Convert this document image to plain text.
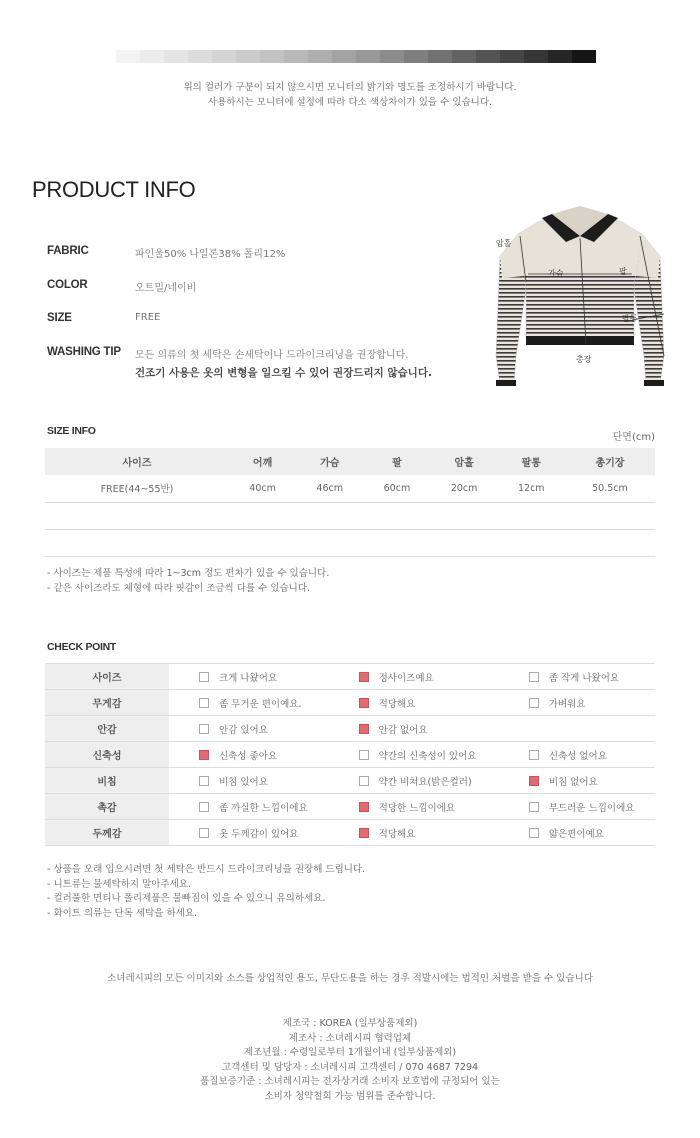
위의 컬러가 구분이 되지 않으시면 모니터의 밝기와 명도를 조정하시기 바랍니다.
사용하시는 모니터에 설정에 따라 다소 색상차이가 있을 수 있습니다.
PRODUCT INFO
FABRIC	파인울50% 나일론38% 폴리12%
COLOR	오트밀/네이비
SIZE	FREE
WASHING TIP	모든 의류의 첫 세탁은 손세탁이나 드라이크리닝을 권장합니다.
건조기 사용은 옷의 변형을 일으킬 수 있어 권장드리지 않습니다.
암홀
가슴	팔
팔통
총장
SIZE INFO
단면(cm)
사이즈	어깨	가슴	팔	암홀	팔통	총기장
FREE(44~55반)	40cm	46cm	60cm	20cm	12cm	50.5cm
- 사이즈는 제품 특성에 따라 1~3cm 정도 편차가 있을 수 있습니다.
- 같은 사이즈라도 체형에 따라 핏감이 조금씩 다를 수 있습니다.
CHECK POINT
사이즈	크게 나왔어요	정사이즈예요	좀 작게 나왔어요
무게감	좀 무거운 편이예요.	적당해요	가벼워요
안감	안감 있어요	안감 없어요	
신축성	신축성 좋아요	약간의 신축성이 있어요	신축성 없어요
비침	비침 있어요	약간 비쳐요(밝은컬러)	비침 없어요
촉감	좀 까실한 느낌이에요	적당한 느낌이에요	부드러운 느낌이에요
두께감	옷 두께감이 있어요	적당해요	얇은편이예요
- 상품을 오래 입으시려면 첫 세탁은 반드시 드라이크리닝을 권장해 드립니다.
- 니트류는 물세탁하지 말아주세요.
- 컬러풀한 면티나 폴리제품은 물빠짐이 있을 수 있으니 유의하세요.
- 화이트 의류는 단독 세탁을 하세요.
소녀레시피의 모든 이미지와 소스를 상업적인 용도, 무단도용을 하는 경우 적발시에는 법적인 처벌을 받을 수 있습니다
제조국 : KOREA (일부상품제외)
제조사 : 소녀레시피 협력업체
제조년월 : 수령일로부터 1개월이내 (일부상품제외)
고객센터 및 담당자 : 소녀레시피 고객센터 / 070 4687 7294
품질보증기준 : 소녀레시피는 전자상거래 소비자 보호법에 규정되어 있는
소비자 청약철회 가능 범위를 준수합니다.
